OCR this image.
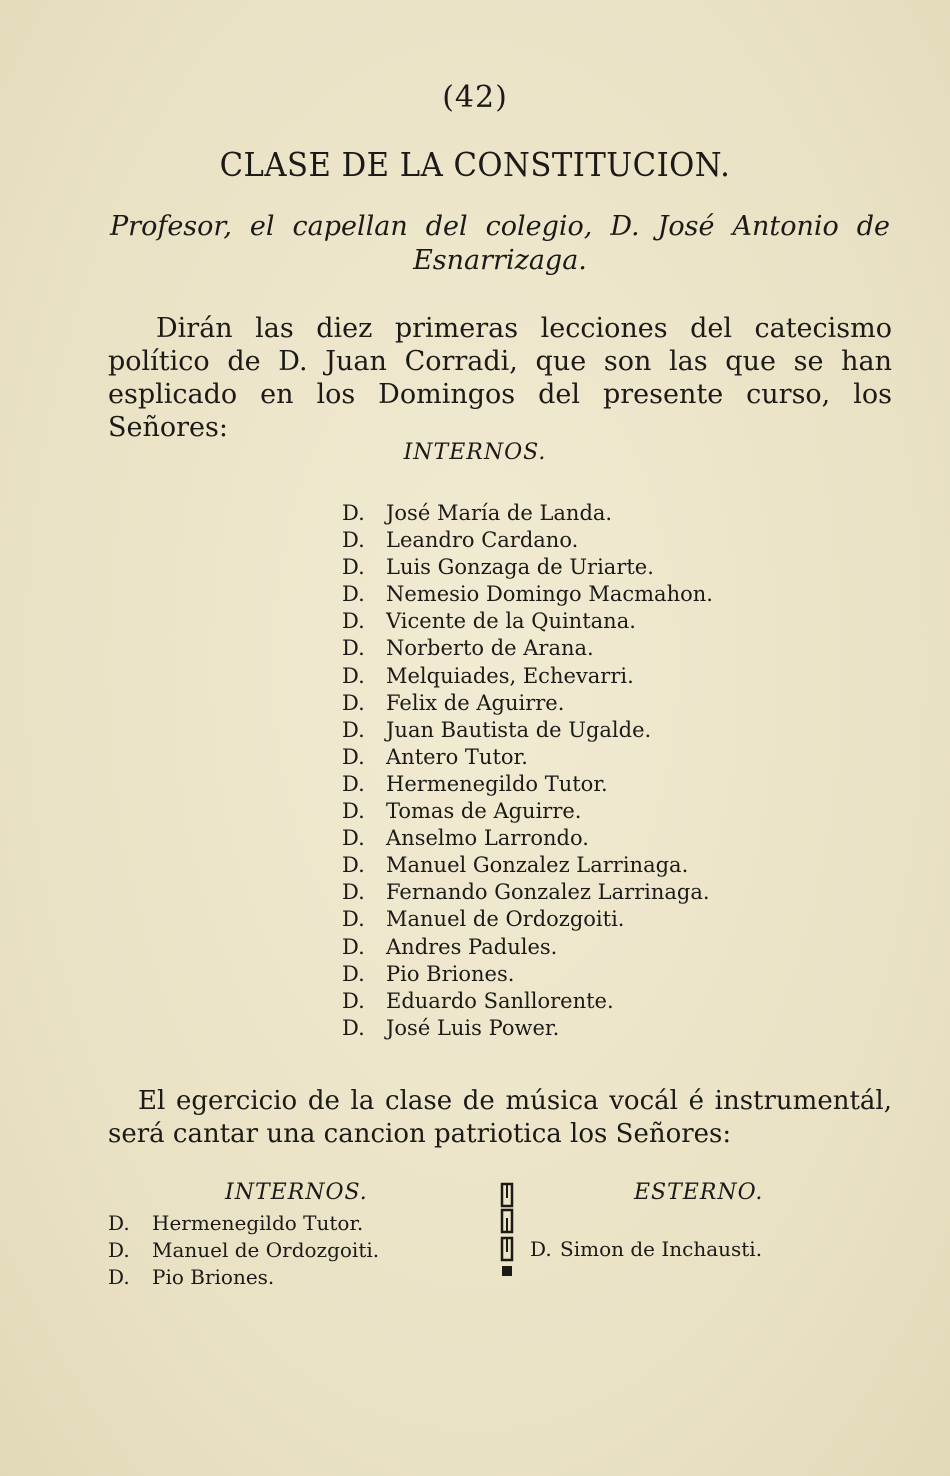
(42)
CLASE DE LA CONSTITUCION.
Profesor, el capellan del colegio, D. José Antonio de Esnarrizaga.

Dirán las diez primeras lecciones del catecismo político de D. Juan Corradi, que son las que se han esplicado en los Domingos del presente curso, los Señores:

INTERNOS.
D. José María de Landa.
D. Leandro Cardano.
D. Luis Gonzaga de Uriarte.
D. Nemesio Domingo Macmahon.
D. Vicente de la Quintana.
D. Norberto de Arana.
D. Melquiades, Echevarri.
D. Felix de Aguirre.
D. Juan Bautista de Ugalde.
D. Antero Tutor.
D. Hermenegildo Tutor.
D. Tomas de Aguirre.
D. Anselmo Larrondo.
D. Manuel Gonzalez Larrinaga.
D. Fernando Gonzalez Larrinaga.
D. Manuel de Ordozgoiti.
D. Andres Padules.
D. Pio Briones.
D. Eduardo Sanllorente.
D. José Luis Power.

El egercicio de la clase de música vocál é instrumentál, será cantar una cancion patriotica los Señores:

INTERNOS.	ESTERNO.
D. Hermenegildo Tutor.
D. Manuel de Ordozgoiti.
D. Pio Briones.
D. Simon de Inchausti.
